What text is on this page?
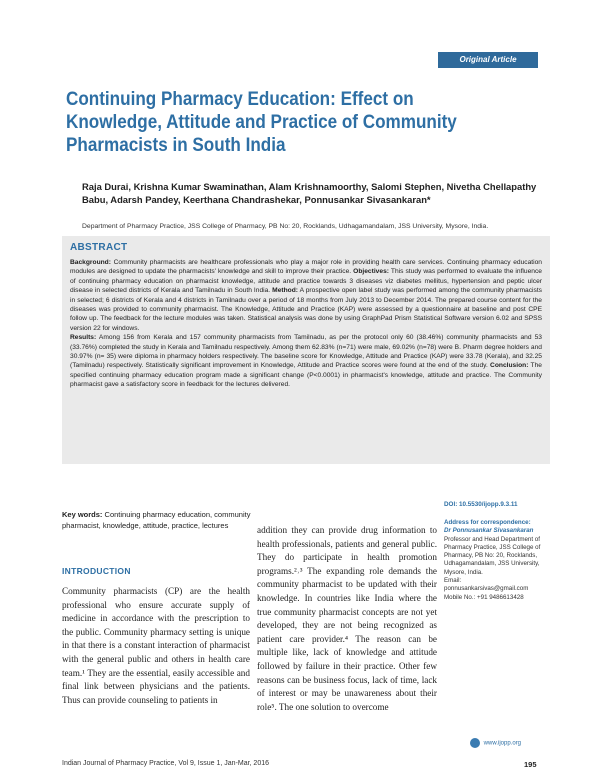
Original Article
Continuing Pharmacy Education: Effect on Knowledge, Attitude and Practice of Community Pharmacists in South India
Raja Durai, Krishna Kumar Swaminathan, Alam Krishnamoorthy, Salomi Stephen, Nivetha Chellapathy Babu, Adarsh Pandey, Keerthana Chandrashekar, Ponnusankar Sivasankaran*
Department of Pharmacy Practice, JSS College of Pharmacy, PB No: 20, Rocklands, Udhagamandalam, JSS University, Mysore, India.
ABSTRACT
Background: Community pharmacists are healthcare professionals who play a major role in providing health care services. Continuing pharmacy education modules are designed to update the pharmacists' knowledge and skill to improve their practice. Objectives: This study was performed to evaluate the influence of continuing pharmacy education on pharmacist knowledge, attitude and practice towards 3 diseases viz diabetes mellitus, hypertension and peptic ulcer disease in selected districts of Kerala and Tamilnadu in South India. Method: A prospective open label study was performed among the community pharmacists in selected; 6 districts of Kerala and 4 districts in Tamilnadu over a period of 18 months from July 2013 to December 2014. The prepared course content for the diseases was provided to community pharmacist. The Knowledge, Attitude and Practice (KAP) were assessed by a questionnaire at baseline and post CPE follow up. The feedback for the lecture modules was taken. Statistical analysis was done by using GraphPad Prism Statistical Software version 6.02 and SPSS version 22 for windows.
Results: Among 156 from Kerala and 157 community pharmacists from Tamilnadu, as per the protocol only 60 (38.46%) community pharmacists and 53 (33.76%) completed the study in Kerala and Tamilnadu respectively. Among them 62.83% (n=71) were male, 69.02% (n=78) were B. Pharm degree holders and 30.97% (n= 35) were diploma in pharmacy holders respectively. The baseline score for Knowledge, Attitude and Practice (KAP) were 33.78 (Kerala), and 32.25 (Tamilnadu) respectively. Statistically significant improvement in Knowledge, Attitude and Practice scores were found at the end of the study. Conclusion: The specified continuing pharmacy education program made a significant change (P<0.0001) in pharmacist's knowledge, attitude and practice. The Community pharmacist gave a satisfactory score in feedback for the lectures delivered.
Key words: Continuing pharmacy education, community pharmacist, knowledge, attitude, practice, lectures
INTRODUCTION
Community pharmacists (CP) are the health professional who ensure accurate supply of medicine in accordance with the prescription to the public. Community pharmacy setting is unique in that there is a constant interaction of pharmacist with the general public and others in health care team.¹ They are the essential, easily accessible and final link between physicians and the patients. Thus can provide counseling to patients in
addition they can provide drug information to health professionals, patients and general public. They do participate in health promotion programs.²˒³ The expanding role demands the community pharmacist to be updated with their knowledge. In countries like India where the true community pharmacist concepts are not yet developed, they are not being recognized as patient care provider.⁴ The reason can be multiple like, lack of knowledge and attitude followed by failure in their practice. Other few reasons can be business focus, lack of time, lack of interest or may be unawareness about their role⁵. The one solution to overcome
DOI: 10.5530/ijopp.9.3.11
Address for correspondence:
Dr Ponnusankar Sivasankaran
Professor and Head Department of Pharmacy Practice, JSS College of Pharmacy, PB No: 20, Rocklands, Udhagamandalam, JSS University, Mysore, India.
Email: ponnusankarsivas@gmail.com
Mobile No.: +91 9486613428
www.ijopp.org
Indian Journal of Pharmacy Practice, Vol 9, Issue 1, Jan-Mar, 2016	195
